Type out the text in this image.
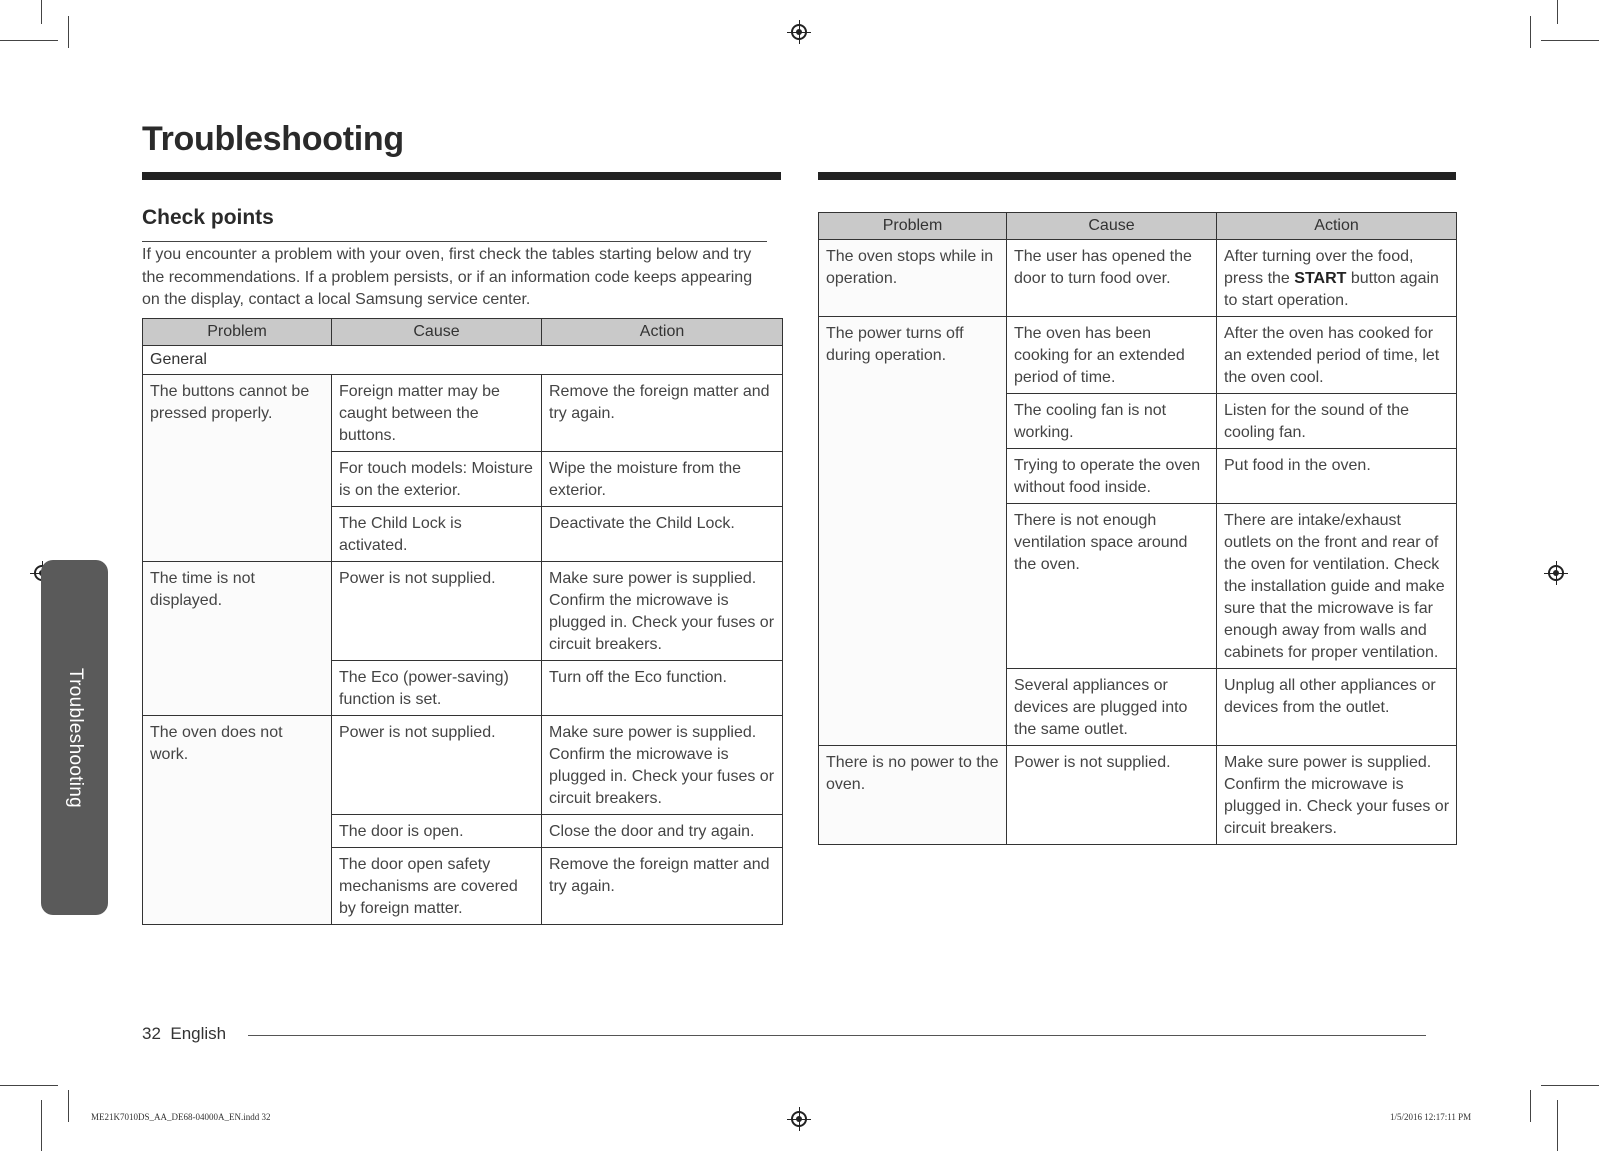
Troubleshooting
Check points
If you encounter a problem with your oven, first check the tables starting below and try the recommendations. If a problem persists, or if an information code keeps appearing on the display, contact a local Samsung service center.
Problem	Cause	Action
General		
The buttons cannot be pressed properly.	Foreign matter may be caught between the buttons.	Remove the foreign matter and try again.
	For touch models: Moisture is on the exterior.	Wipe the moisture from the exterior.
	The Child Lock is activated.	Deactivate the Child Lock.
The time is not displayed.	Power is not supplied.	Make sure power is supplied. Confirm the microwave is plugged in. Check your fuses or circuit breakers.
	The Eco (power-saving) function is set.	Turn off the Eco function.
The oven does not work.	Power is not supplied.	Make sure power is supplied. Confirm the microwave is plugged in. Check your fuses or circuit breakers.
	The door is open.	Close the door and try again.
	The door open safety mechanisms are covered by foreign matter.	Remove the foreign matter and try again.
Problem	Cause	Action
The oven stops while in operation.	The user has opened the door to turn food over.	After turning over the food, press the START button again to start operation.
The power turns off during operation.	The oven has been cooking for an extended period of time.	After the oven has cooked for an extended period of time, let the oven cool.
	The cooling fan is not working.	Listen for the sound of the cooling fan.
	Trying to operate the oven without food inside.	Put food in the oven.
	There is not enough ventilation space around the oven.	There are intake/exhaust outlets on the front and rear of the oven for ventilation. Check the installation guide and make sure that the microwave is far enough away from walls and cabinets for proper ventilation.
	Several appliances or devices are plugged into the same outlet.	Unplug all other appliances or devices from the outlet.
There is no power to the oven.	Power is not supplied.	Make sure power is supplied. Confirm the microwave is plugged in. Check your fuses or circuit breakers.
Troubleshooting
32 English
ME21K7010DS_AA_DE68-04000A_EN.indd 32	1/5/2016 12:17:11 PM
